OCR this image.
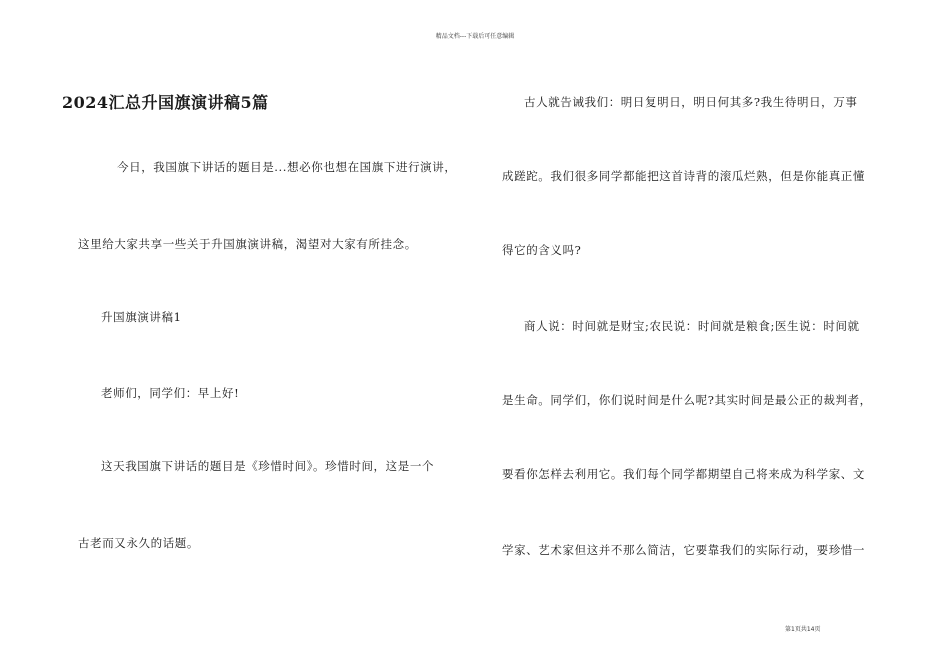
精品文档---下载后可任意编辑
2024汇总升国旗演讲稿5篇
今日，我国旗下讲话的题目是...想必你也想在国旗下进行演讲，
这里给大家共享一些关于升国旗演讲稿，渴望对大家有所挂念。
升国旗演讲稿1
老师们，同学们：早上好!
这天我国旗下讲话的题目是《珍惜时间》。珍惜时间，这是一个
古老而又永久的话题。
古人就告诫我们：明日复明日，明日何其多?我生待明日，万事
成蹉跎。我们很多同学都能把这首诗背的滚瓜烂熟，但是你能真正懂
得它的含义吗?
商人说：时间就是财宝;农民说：时间就是粮食;医生说：时间就
是生命。同学们，你们说时间是什么呢?其实时间是最公正的裁判者，
要看你怎样去利用它。我们每个同学都期望自己将来成为科学家、文
学家、艺术家但这并不那么简洁，它要靠我们的实际行动，要珍惜一
第1页共14页
